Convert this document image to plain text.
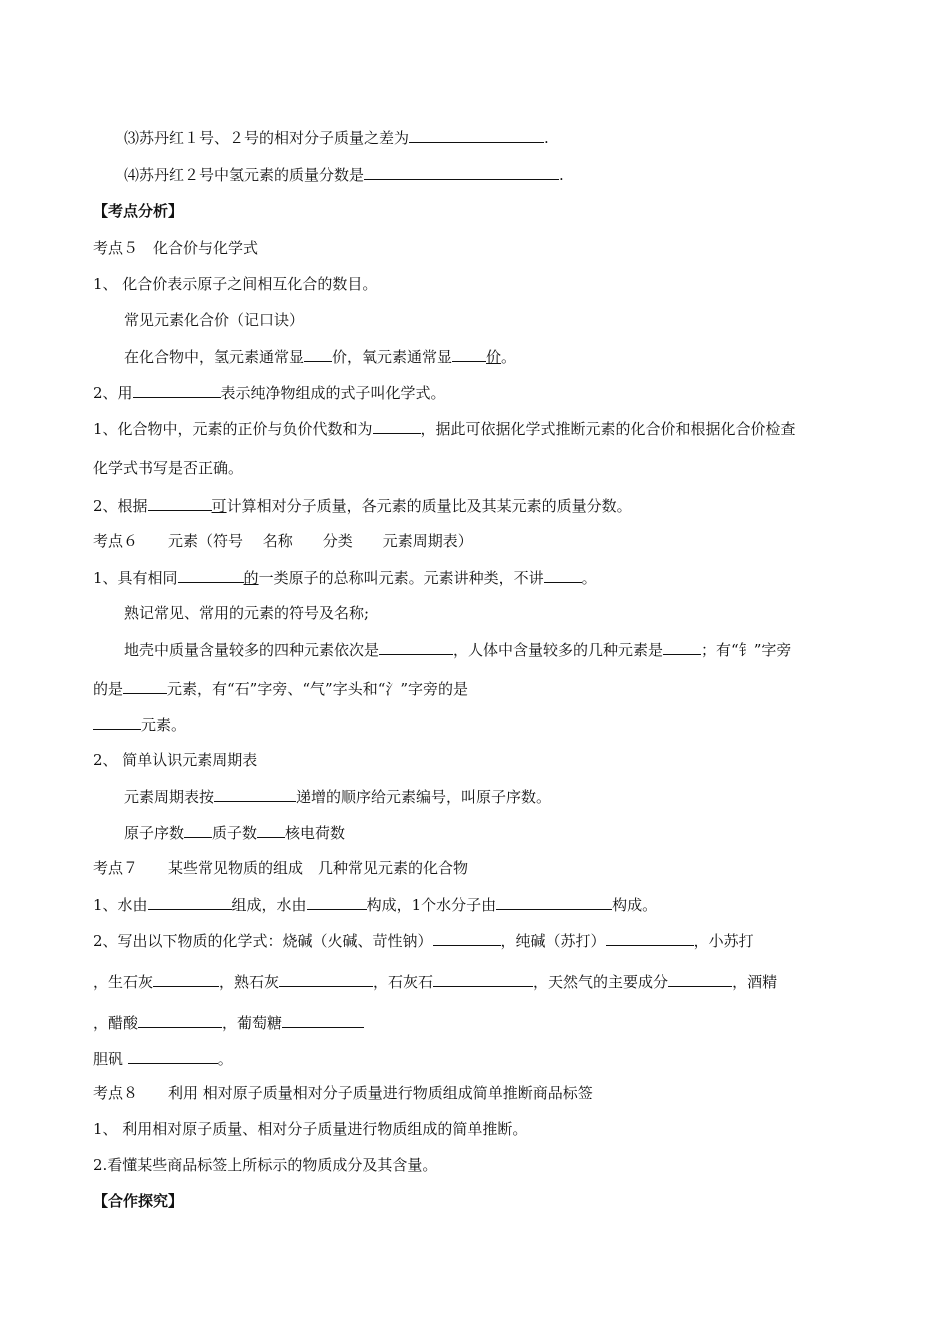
⑶苏丹红１号、２号的相对分子质量之差为	.
⑷苏丹红２号中氢元素的质量分数是	.
【考点分析】
考点５　化合价与化学式
1、 化合价表示原子之间相互化合的数目。
常见元素化合价（记口诀）
在化合物中，氢元素通常显 价，氧元素通常显 价。
2、用	表示纯净物组成的式子叫化学式。
1、化合物中，元素的正价与负价代数和为	，据此可依据化学式推断元素的化合价和根据化合价检查
化学式书写是否正确。
2、根据	可计算相对分子质量，各元素的质量比及其某元素的质量分数。
考点６　　元素（符号　 名称　　分类　　元素周期表）
1、具有相同	的一类原子的总称叫元素。元素讲种类，不讲	。
熟记常见、常用的元素的符号及名称;
地壳中质量含量较多的四种元素依次是	，人体中含量较多的几种元素是	；有“钅”字旁
的是	元素，有“石”字旁、“气”字头和“氵”字旁的是
元素。
2、 简单认识元素周期表
元素周期表按	递增的顺序给元素编号，叫原子序数。
原子序数 质子数 核电荷数
考点７　　某些常见物质的组成　几种常见元素的化合物
1、水由	组成，水由	构成，1个水分子由	构成。
2、写出以下物质的化学式：烧碱（火碱、苛性钠）	，纯碱（苏打）	，小苏打
，生石灰	，熟石灰	，石灰石	，天然气的主要成分	，酒精
，醋酸	，葡萄糖
胆矾	。
考点８　　利用 相对原子质量相对分子质量进行物质组成简单推断商品标签
1、 利用相对原子质量、相对分子质量进行物质组成的简单推断。
2.看懂某些商品标签上所标示的物质成分及其含量。
【合作探究】
